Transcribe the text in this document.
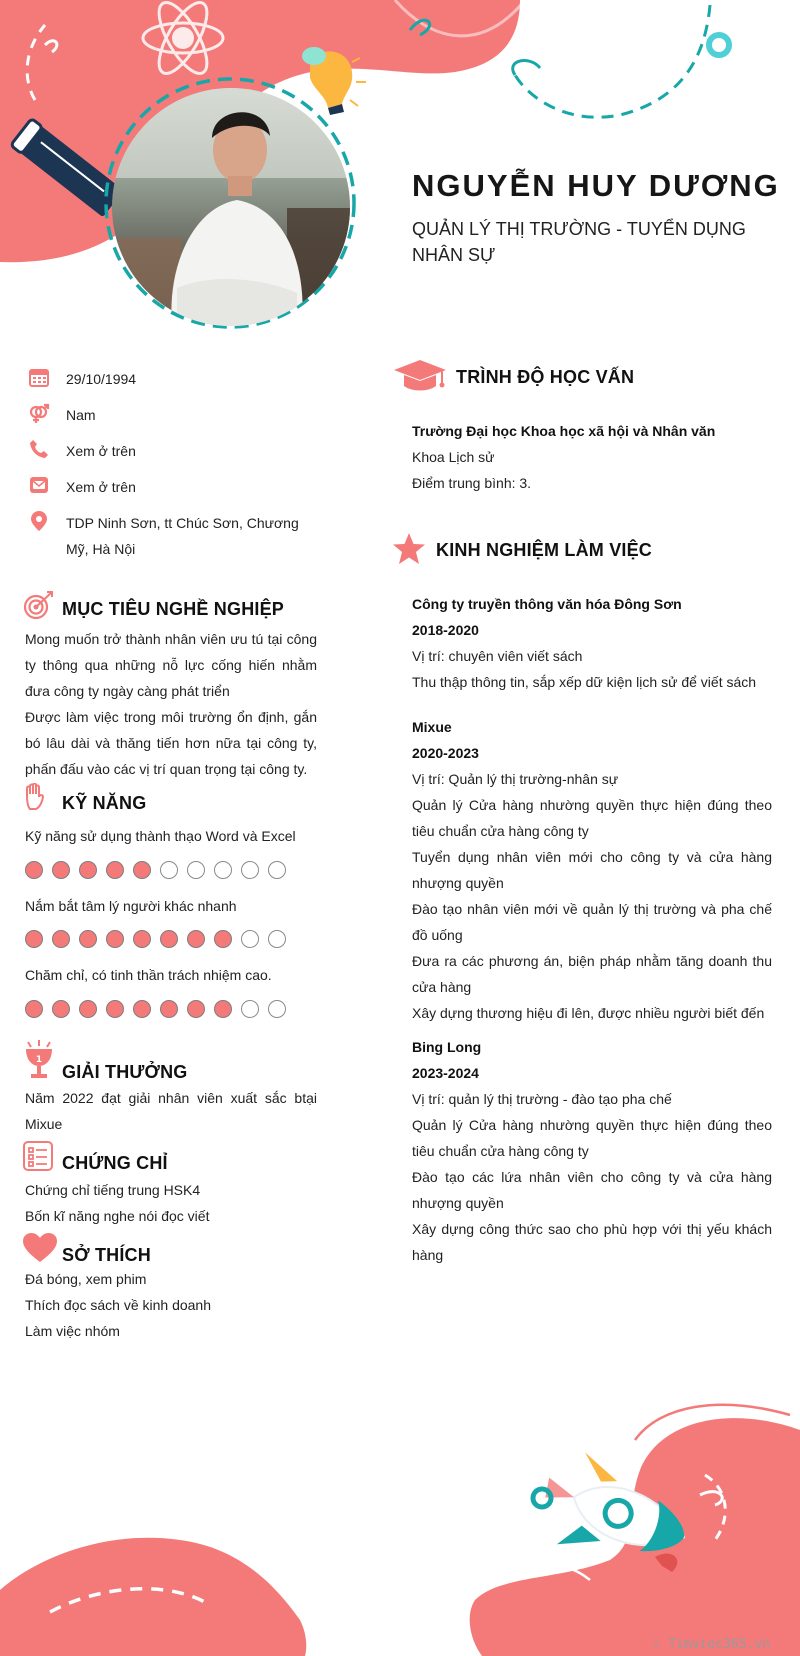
NGUYỄN HUY DƯƠNG
QUẢN LÝ THỊ TRƯỜNG - TUYỂN DỤNG NHÂN SỰ
29/10/1994
Nam
Xem ở trên
Xem ở trên
TDP Ninh Sơn, tt Chúc Sơn, Chương Mỹ, Hà Nội
MỤC TIÊU NGHỀ NGHIỆP
Mong muốn trở thành nhân viên ưu tú tại công ty thông qua những nỗ lực cống hiến nhằm đưa công ty ngày càng phát triển
Được làm việc trong môi trường ổn định, gắn bó lâu dài và thăng tiến hơn nữa tại công ty, phấn đấu vào các vị trí quan trọng tại công ty.
KỸ NĂNG
Kỹ năng sử dụng thành thạo Word và Excel
Nắm bắt tâm lý người khác nhanh
Chăm chỉ, có tinh thần trách nhiệm cao.
1
GIẢI THƯỞNG
Năm 2022 đạt giải nhân viên xuất sắc btại Mixue
CHỨNG CHỈ
Chứng chỉ tiếng trung HSK4
Bốn kĩ năng nghe nói đọc viết
SỞ THÍCH
Đá bóng, xem phim
Thích đọc sách về kinh doanh
Làm việc nhóm
TRÌNH ĐỘ HỌC VẤN
Trường Đại học Khoa học xã hội và Nhân văn
Khoa Lịch sử
Điểm trung bình: 3.
KINH NGHIỆM LÀM VIỆC
Công ty truyền thông văn hóa Đông Sơn
2018-2020
Vị trí: chuyên viên viết sách
Thu thập thông tin, sắp xếp dữ kiện lịch sử để viết sách
Mixue
2020-2023
Vị trí: Quản lý thị trường-nhân sự
Quản lý Cửa hàng nhường quyền thực hiện đúng theo tiêu chuẩn cửa hàng công ty
Tuyển dụng nhân viên mới cho công ty và cửa hàng nhượng quyền
Đào tạo nhân viên mới về quản lý thị trường và pha chế đồ uống
Đưa ra các phương án, biện pháp nhằm tăng doanh thu cửa hàng
Xây dựng thương hiệu đi lên, được nhiều người biết đến
Bing Long
2023-2024
Vị trí: quản lý thị trường - đào tạo pha chế
Quản lý Cửa hàng nhường quyền thực hiện đúng theo tiêu chuẩn cửa hàng công ty
Đào tạo các lứa nhân viên cho công ty và cửa hàng nhượng quyền
Xây dựng công thức sao cho phù hợp với thị yếu khách hàng
∴ Timviec365.vn
